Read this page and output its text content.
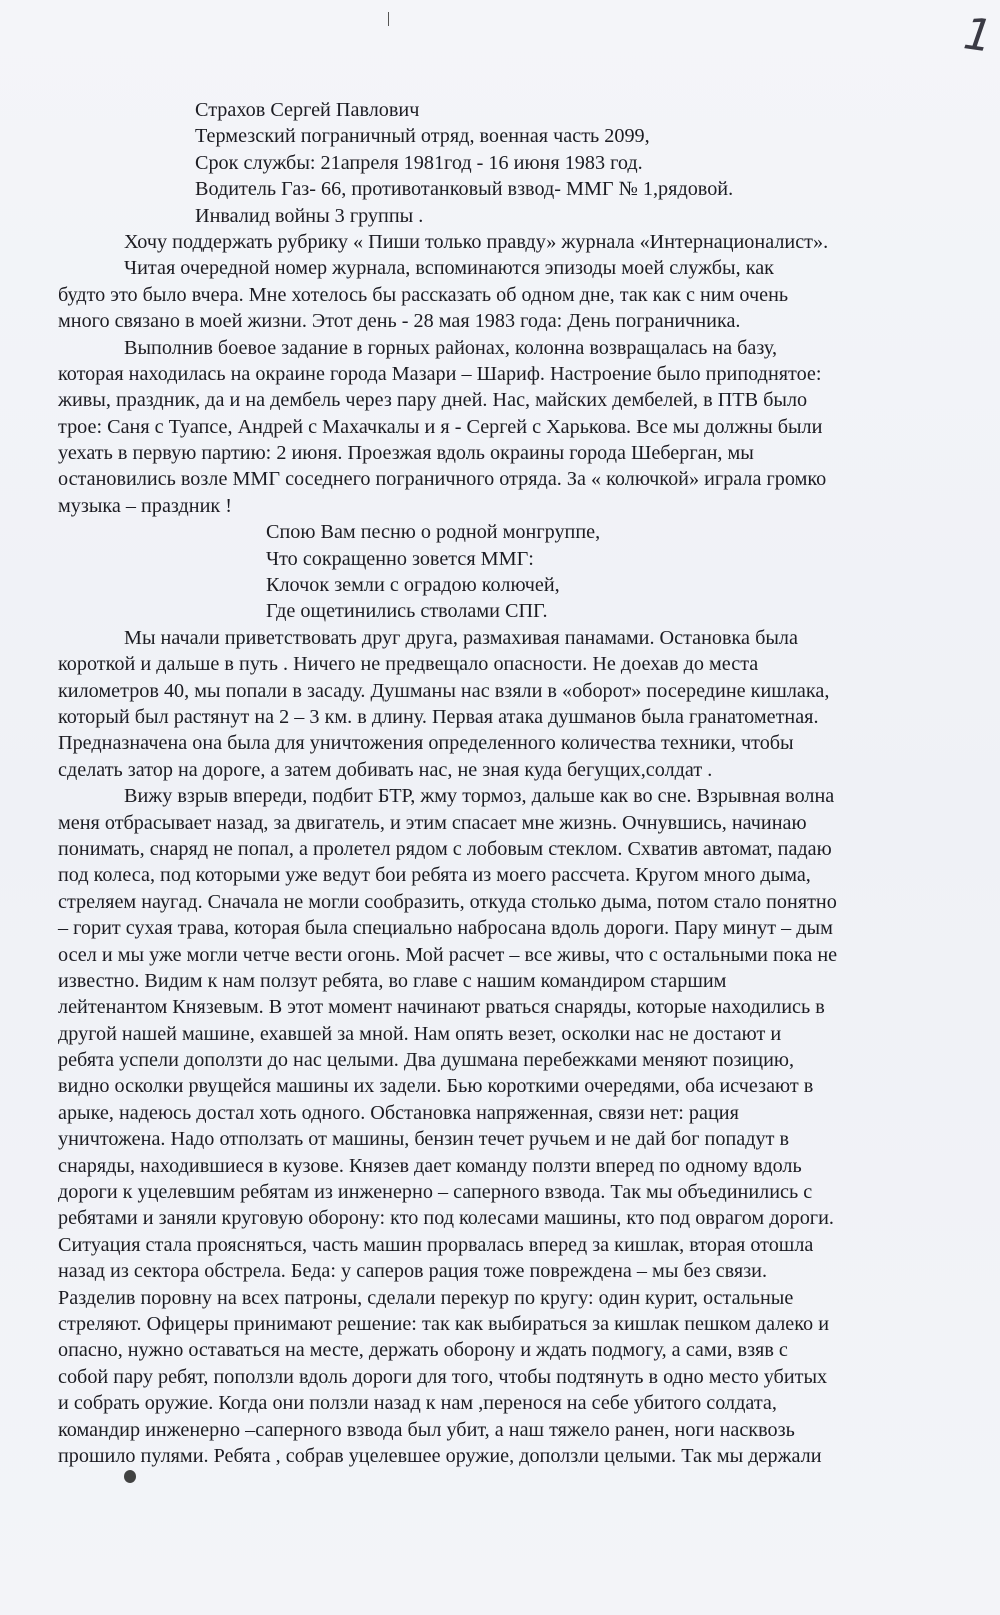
1
Страхов Сергей Павлович
Термезский пограничный отряд, военная часть 2099,
Срок службы: 21апреля 1981год - 16 июня 1983 год.
Водитель Газ- 66, противотанковый взвод- ММГ № 1,рядовой.
Инвалид войны 3 группы .
Хочу поддержать рубрику « Пиши только правду» журнала «Интернационалист».
Читая очередной номер журнала, вспоминаются эпизоды моей службы, как
будто это было вчера. Мне хотелось бы рассказать об одном дне, так как с ним очень
много связано в моей жизни. Этот день - 28 мая 1983 года: День пограничника.
Выполнив боевое задание в горных районах, колонна возвращалась на базу,
которая находилась на окраине города Мазари – Шариф. Настроение было приподнятое:
живы, праздник, да и на дембель через пару дней. Нас, майских дембелей, в ПТВ было
трое: Саня с Туапсе, Андрей с Махачкалы и я - Сергей с Харькова. Все мы должны были
уехать в первую партию: 2 июня. Проезжая вдоль окраины города Шеберган, мы
остановились возле ММГ соседнего пограничного отряда. За « колючкой» играла громко
музыка – праздник !
Спою Вам песню о родной монгруппе,
Что сокращенно зовется ММГ:
Клочок земли с оградою колючей,
Где ощетинились стволами СПГ.
Мы начали приветствовать друг друга, размахивая панамами. Остановка была
короткой и дальше в путь . Ничего не предвещало опасности. Не доехав до места
километров 40, мы попали в засаду. Душманы нас взяли в «оборот» посередине кишлака,
который был растянут на 2 – 3 км. в длину. Первая атака душманов была гранатометная.
Предназначена она была для уничтожения определенного количества техники, чтобы
сделать затор на дороге, а затем добивать нас, не зная куда бегущих,солдат .
Вижу взрыв впереди, подбит БТР, жму тормоз, дальше как во сне. Взрывная волна
меня отбрасывает назад, за двигатель, и этим спасает мне жизнь. Очнувшись, начинаю
понимать, снаряд не попал, а пролетел рядом с лобовым стеклом. Схватив автомат, падаю
под колеса, под которыми уже ведут бои ребята из моего рассчета. Кругом много дыма,
стреляем наугад. Сначала не могли сообразить, откуда столько дыма, потом стало понятно
– горит сухая трава, которая была специально набросана вдоль дороги. Пару минут – дым
осел и мы уже могли четче вести огонь. Мой расчет – все живы, что с остальными пока не
известно. Видим к нам ползут ребята, во главе с нашим командиром старшим
лейтенантом Князевым. В этот момент начинают рваться снаряды, которые находились в
другой нашей машине, ехавшей за мной. Нам опять везет, осколки нас не достают и
ребята успели доползти до нас целыми. Два душмана перебежками меняют позицию,
видно осколки рвущейся машины их задели. Бью короткими очередями, оба исчезают в
арыке, надеюсь достал хоть одного. Обстановка напряженная, связи нет: рация
уничтожена. Надо отползать от машины, бензин течет ручьем и не дай бог попадут в
снаряды, находившиеся в кузове. Князев дает команду ползти вперед по одному вдоль
дороги к уцелевшим ребятам из инженерно – саперного взвода. Так мы объединились с
ребятами и заняли круговую оборону: кто под колесами машины, кто под оврагом дороги.
Ситуация стала проясняться, часть машин прорвалась вперед за кишлак, вторая отошла
назад из сектора обстрела. Беда: у саперов рация тоже повреждена – мы без связи.
Разделив поровну на всех патроны, сделали перекур по кругу: один курит, остальные
стреляют. Офицеры принимают решение: так как выбираться за кишлак пешком далеко и
опасно, нужно оставаться на месте, держать оборону и ждать подмогу, а сами, взяв с
собой пару ребят, поползли вдоль дороги для того, чтобы подтянуть в одно место убитых
и собрать оружие. Когда они ползли назад к нам ,перенося на себе убитого солдата,
командир инженерно –саперного взвода был убит, а наш тяжело ранен, ноги насквозь
прошило пулями. Ребята , собрав уцелевшее оружие, доползли целыми. Так мы держали
